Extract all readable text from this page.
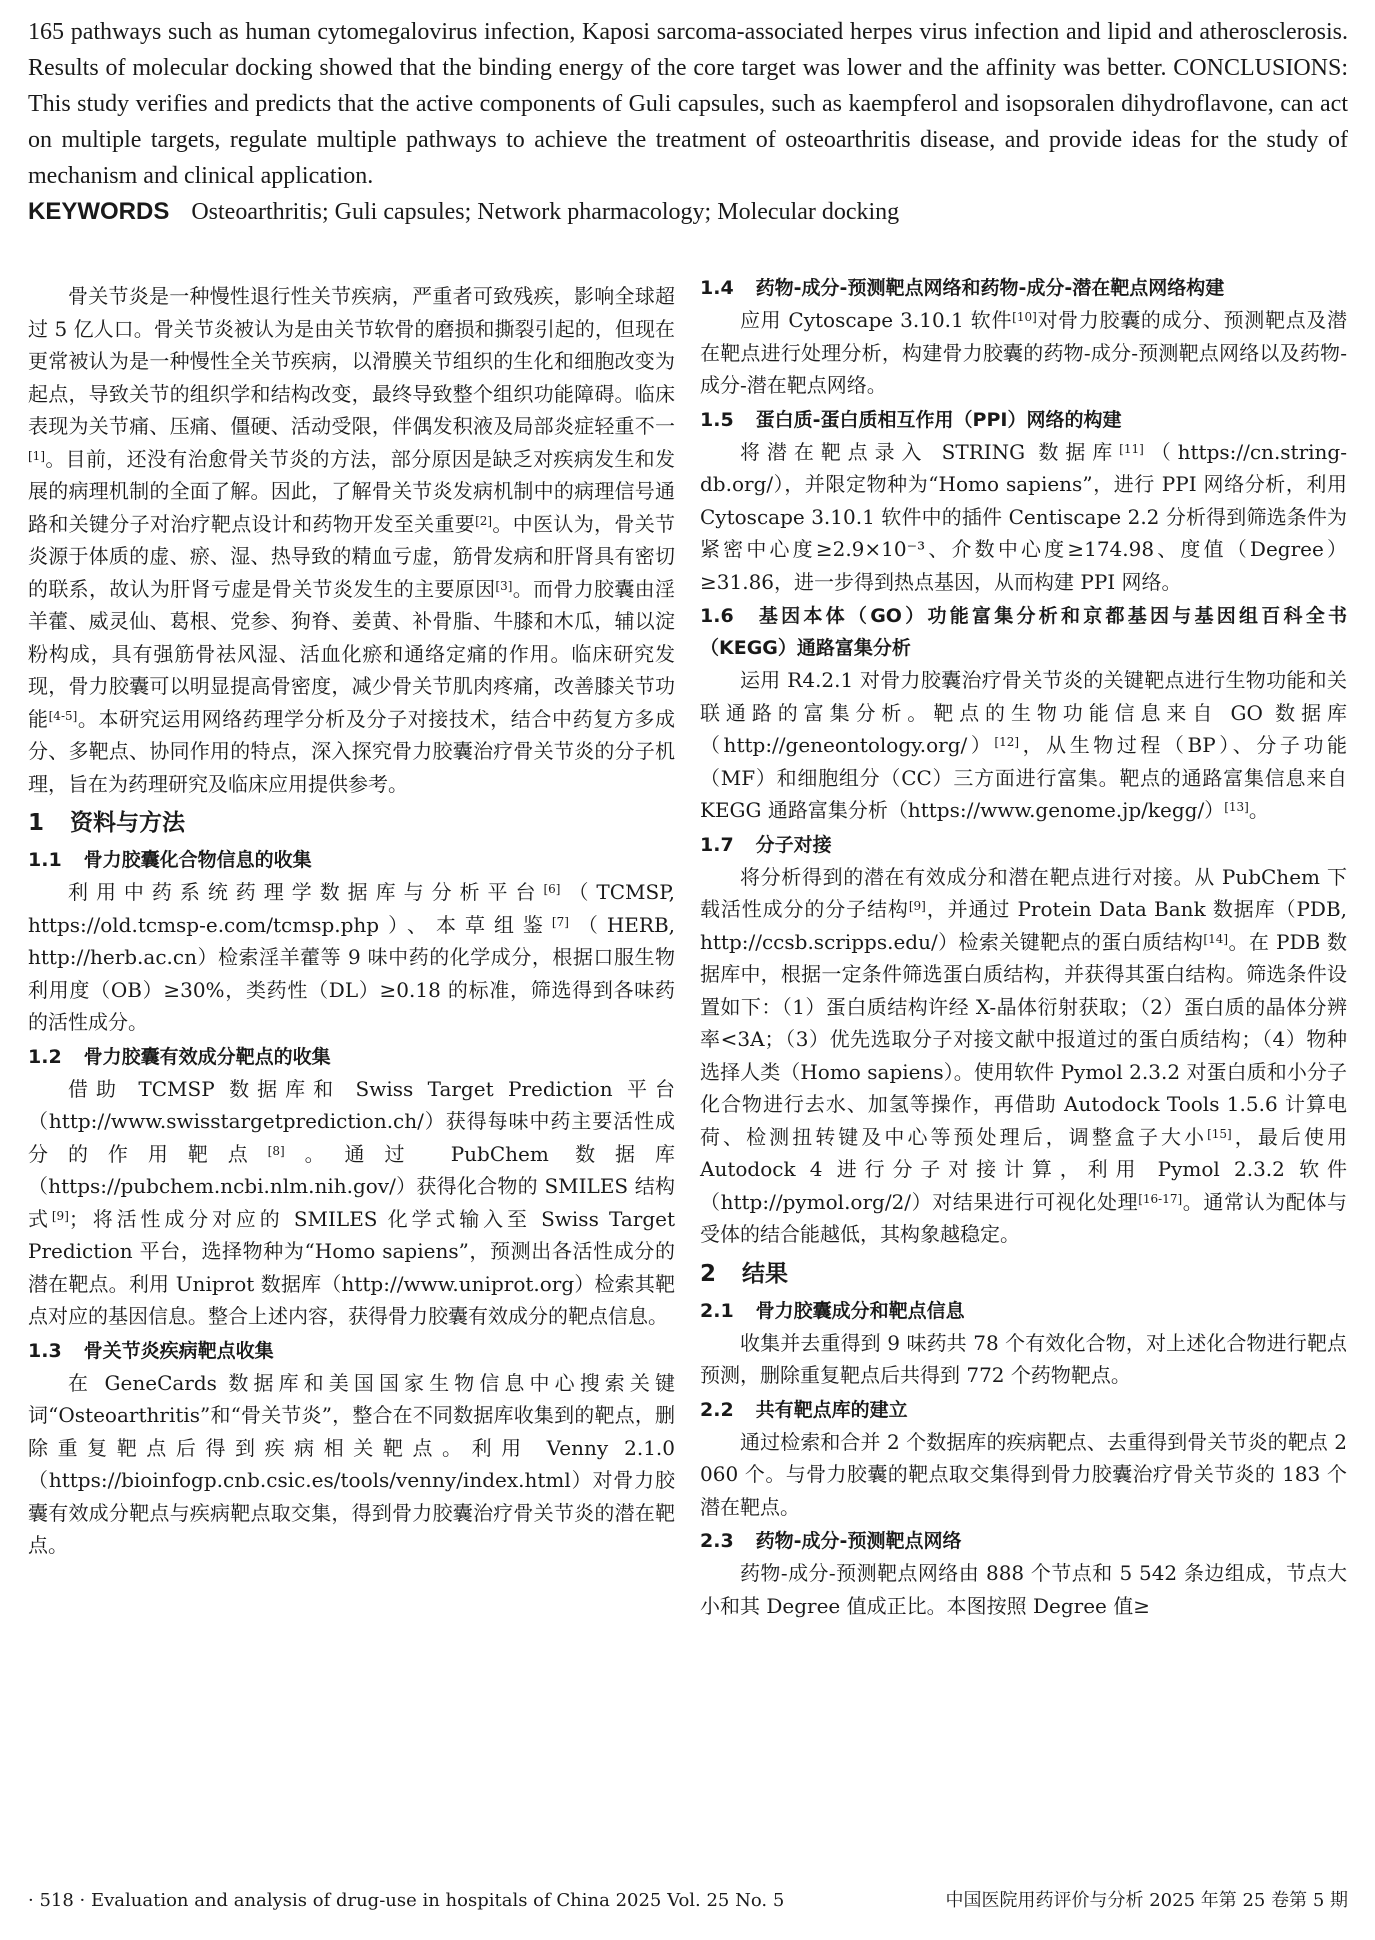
165 pathways such as human cytomegalovirus infection, Kaposi sarcoma-associated herpes virus infection and lipid and atherosclerosis. Results of molecular docking showed that the binding energy of the core target was lower and the affinity was better. CONCLUSIONS: This study verifies and predicts that the active components of Guli capsules, such as kaempferol and isopsoralen dihydroflavone, can act on multiple targets, regulate multiple pathways to achieve the treatment of osteoarthritis disease, and provide ideas for the study of mechanism and clinical application.
KEYWORDS Osteoarthritis; Guli capsules; Network pharmacology; Molecular docking

骨关节炎是一种慢性退行性关节疾病，严重者可致残疾，影响全球超过 5 亿人口。骨关节炎被认为是由关节软骨的磨损和撕裂引起的，但现在更常被认为是一种慢性全关节疾病，以滑膜关节组织的生化和细胞改变为起点，导致关节的组织学和结构改变，最终导致整个组织功能障碍。临床表现为关节痛、压痛、僵硬、活动受限，伴偶发积液及局部炎症轻重不一[1]。目前，还没有治愈骨关节炎的方法，部分原因是缺乏对疾病发生和发展的病理机制的全面了解。因此，了解骨关节炎发病机制中的病理信号通路和关键分子对治疗靶点设计和药物开发至关重要[2]。中医认为，骨关节炎源于体质的虚、瘀、湿、热导致的精血亏虚，筋骨发病和肝肾具有密切的联系，故认为肝肾亏虚是骨关节炎发生的主要原因[3]。而骨力胶囊由淫羊藿、威灵仙、葛根、党参、狗脊、姜黄、补骨脂、牛膝和木瓜，辅以淀粉构成，具有强筋骨祛风湿、活血化瘀和通络定痛的作用。临床研究发现，骨力胶囊可以明显提高骨密度，减少骨关节肌肉疼痛，改善膝关节功能[4-5]。本研究运用网络药理学分析及分子对接技术，结合中药复方多成分、多靶点、协同作用的特点，深入探究骨力胶囊治疗骨关节炎的分子机理，旨在为药理研究及临床应用提供参考。

1 资料与方法
1.1 骨力胶囊化合物信息的收集

利用中药系统药理学数据库与分析平台[6]（TCMSP, https://old.tcmsp-e.com/tcmsp.php）、本草组鉴[7]（HERB, http://herb.ac.cn）检索淫羊藿等 9 味中药的化学成分，根据口服生物利用度（OB）≥30%，类药性（DL）≥0.18 的标准，筛选得到各味药的活性成分。

1.2 骨力胶囊有效成分靶点的收集

借助 TCMSP 数据库和 Swiss Target Prediction 平台（http://www.swisstargetprediction.ch/）获得每味中药主要活性成分的作用靶点[8]。通过 PubChem 数据库（https://pubchem.ncbi.nlm.nih.gov/）获得化合物的 SMILES 结构式[9]；将活性成分对应的 SMILES 化学式输入至 Swiss Target Prediction 平台，选择物种为“Homo sapiens”，预测出各活性成分的潜在靶点。利用 Uniprot 数据库（http://www.uniprot.org）检索其靶点对应的基因信息。整合上述内容，获得骨力胶囊有效成分的靶点信息。

1.3 骨关节炎疾病靶点收集

在 GeneCards 数据库和美国国家生物信息中心搜索关键词“Osteoarthritis”和“骨关节炎”，整合在不同数据库收集到的靶点，删除重复靶点后得到疾病相关靶点。利用 Venny 2.1.0（https://bioinfogp.cnb.csic.es/tools/venny/index.html）对骨力胶囊有效成分靶点与疾病靶点取交集，得到骨力胶囊治疗骨关节炎的潜在靶点。

1.4 药物-成分-预测靶点网络和药物-成分-潜在靶点网络构建

应用 Cytoscape 3.10.1 软件[10]对骨力胶囊的成分、预测靶点及潜在靶点进行处理分析，构建骨力胶囊的药物-成分-预测靶点网络以及药物-成分-潜在靶点网络。

1.5 蛋白质-蛋白质相互作用（PPI）网络的构建

将潜在靶点录入 STRING 数据库[11]（https://cn.string-db.org/），并限定物种为“Homo sapiens”，进行 PPI 网络分析，利用 Cytoscape 3.10.1 软件中的插件 Centiscape 2.2 分析得到筛选条件为紧密中心度≥2.9×10⁻³、介数中心度≥174.98、度值（Degree）≥31.86，进一步得到热点基因，从而构建 PPI 网络。

1.6 基因本体（GO）功能富集分析和京都基因与基因组百科全书（KEGG）通路富集分析

运用 R4.2.1 对骨力胶囊治疗骨关节炎的关键靶点进行生物功能和关联通路的富集分析。靶点的生物功能信息来自 GO 数据库（http://geneontology.org/）[12]，从生物过程（BP）、分子功能（MF）和细胞组分（CC）三方面进行富集。靶点的通路富集信息来自 KEGG 通路富集分析（https://www.genome.jp/kegg/）[13]。

1.7 分子对接

将分析得到的潜在有效成分和潜在靶点进行对接。从 PubChem 下载活性成分的分子结构[9]，并通过 Protein Data Bank 数据库（PDB, http://ccsb.scripps.edu/）检索关键靶点的蛋白质结构[14]。在 PDB 数据库中，根据一定条件筛选蛋白质结构，并获得其蛋白结构。筛选条件设置如下：（1）蛋白质结构许经 X-晶体衍射获取；（2）蛋白质的晶体分辨率<3A；（3）优先选取分子对接文献中报道过的蛋白质结构；（4）物种选择人类（Homo sapiens）。使用软件 Pymol 2.3.2 对蛋白质和小分子化合物进行去水、加氢等操作，再借助 Autodock Tools 1.5.6 计算电荷、检测扭转键及中心等预处理后，调整盒子大小[15]，最后使用 Autodock 4 进行分子对接计算，利用 Pymol 2.3.2 软件（http://pymol.org/2/）对结果进行可视化处理[16-17]。通常认为配体与受体的结合能越低，其构象越稳定。

2 结果
2.1 骨力胶囊成分和靶点信息

收集并去重得到 9 味药共 78 个有效化合物，对上述化合物进行靶点预测，删除重复靶点后共得到 772 个药物靶点。

2.2 共有靶点库的建立

通过检索和合并 2 个数据库的疾病靶点、去重得到骨关节炎的靶点 2 060 个。与骨力胶囊的靶点取交集得到骨力胶囊治疗骨关节炎的 183 个潜在靶点。

2.3 药物-成分-预测靶点网络

药物-成分-预测靶点网络由 888 个节点和 5 542 条边组成，节点大小和其 Degree 值成正比。本图按照 Degree 值≥

· 518 · Evaluation and analysis of drug-use in hospitals of China 2025 Vol. 25 No. 5	中国医院用药评价与分析 2025 年第 25 卷第 5 期
